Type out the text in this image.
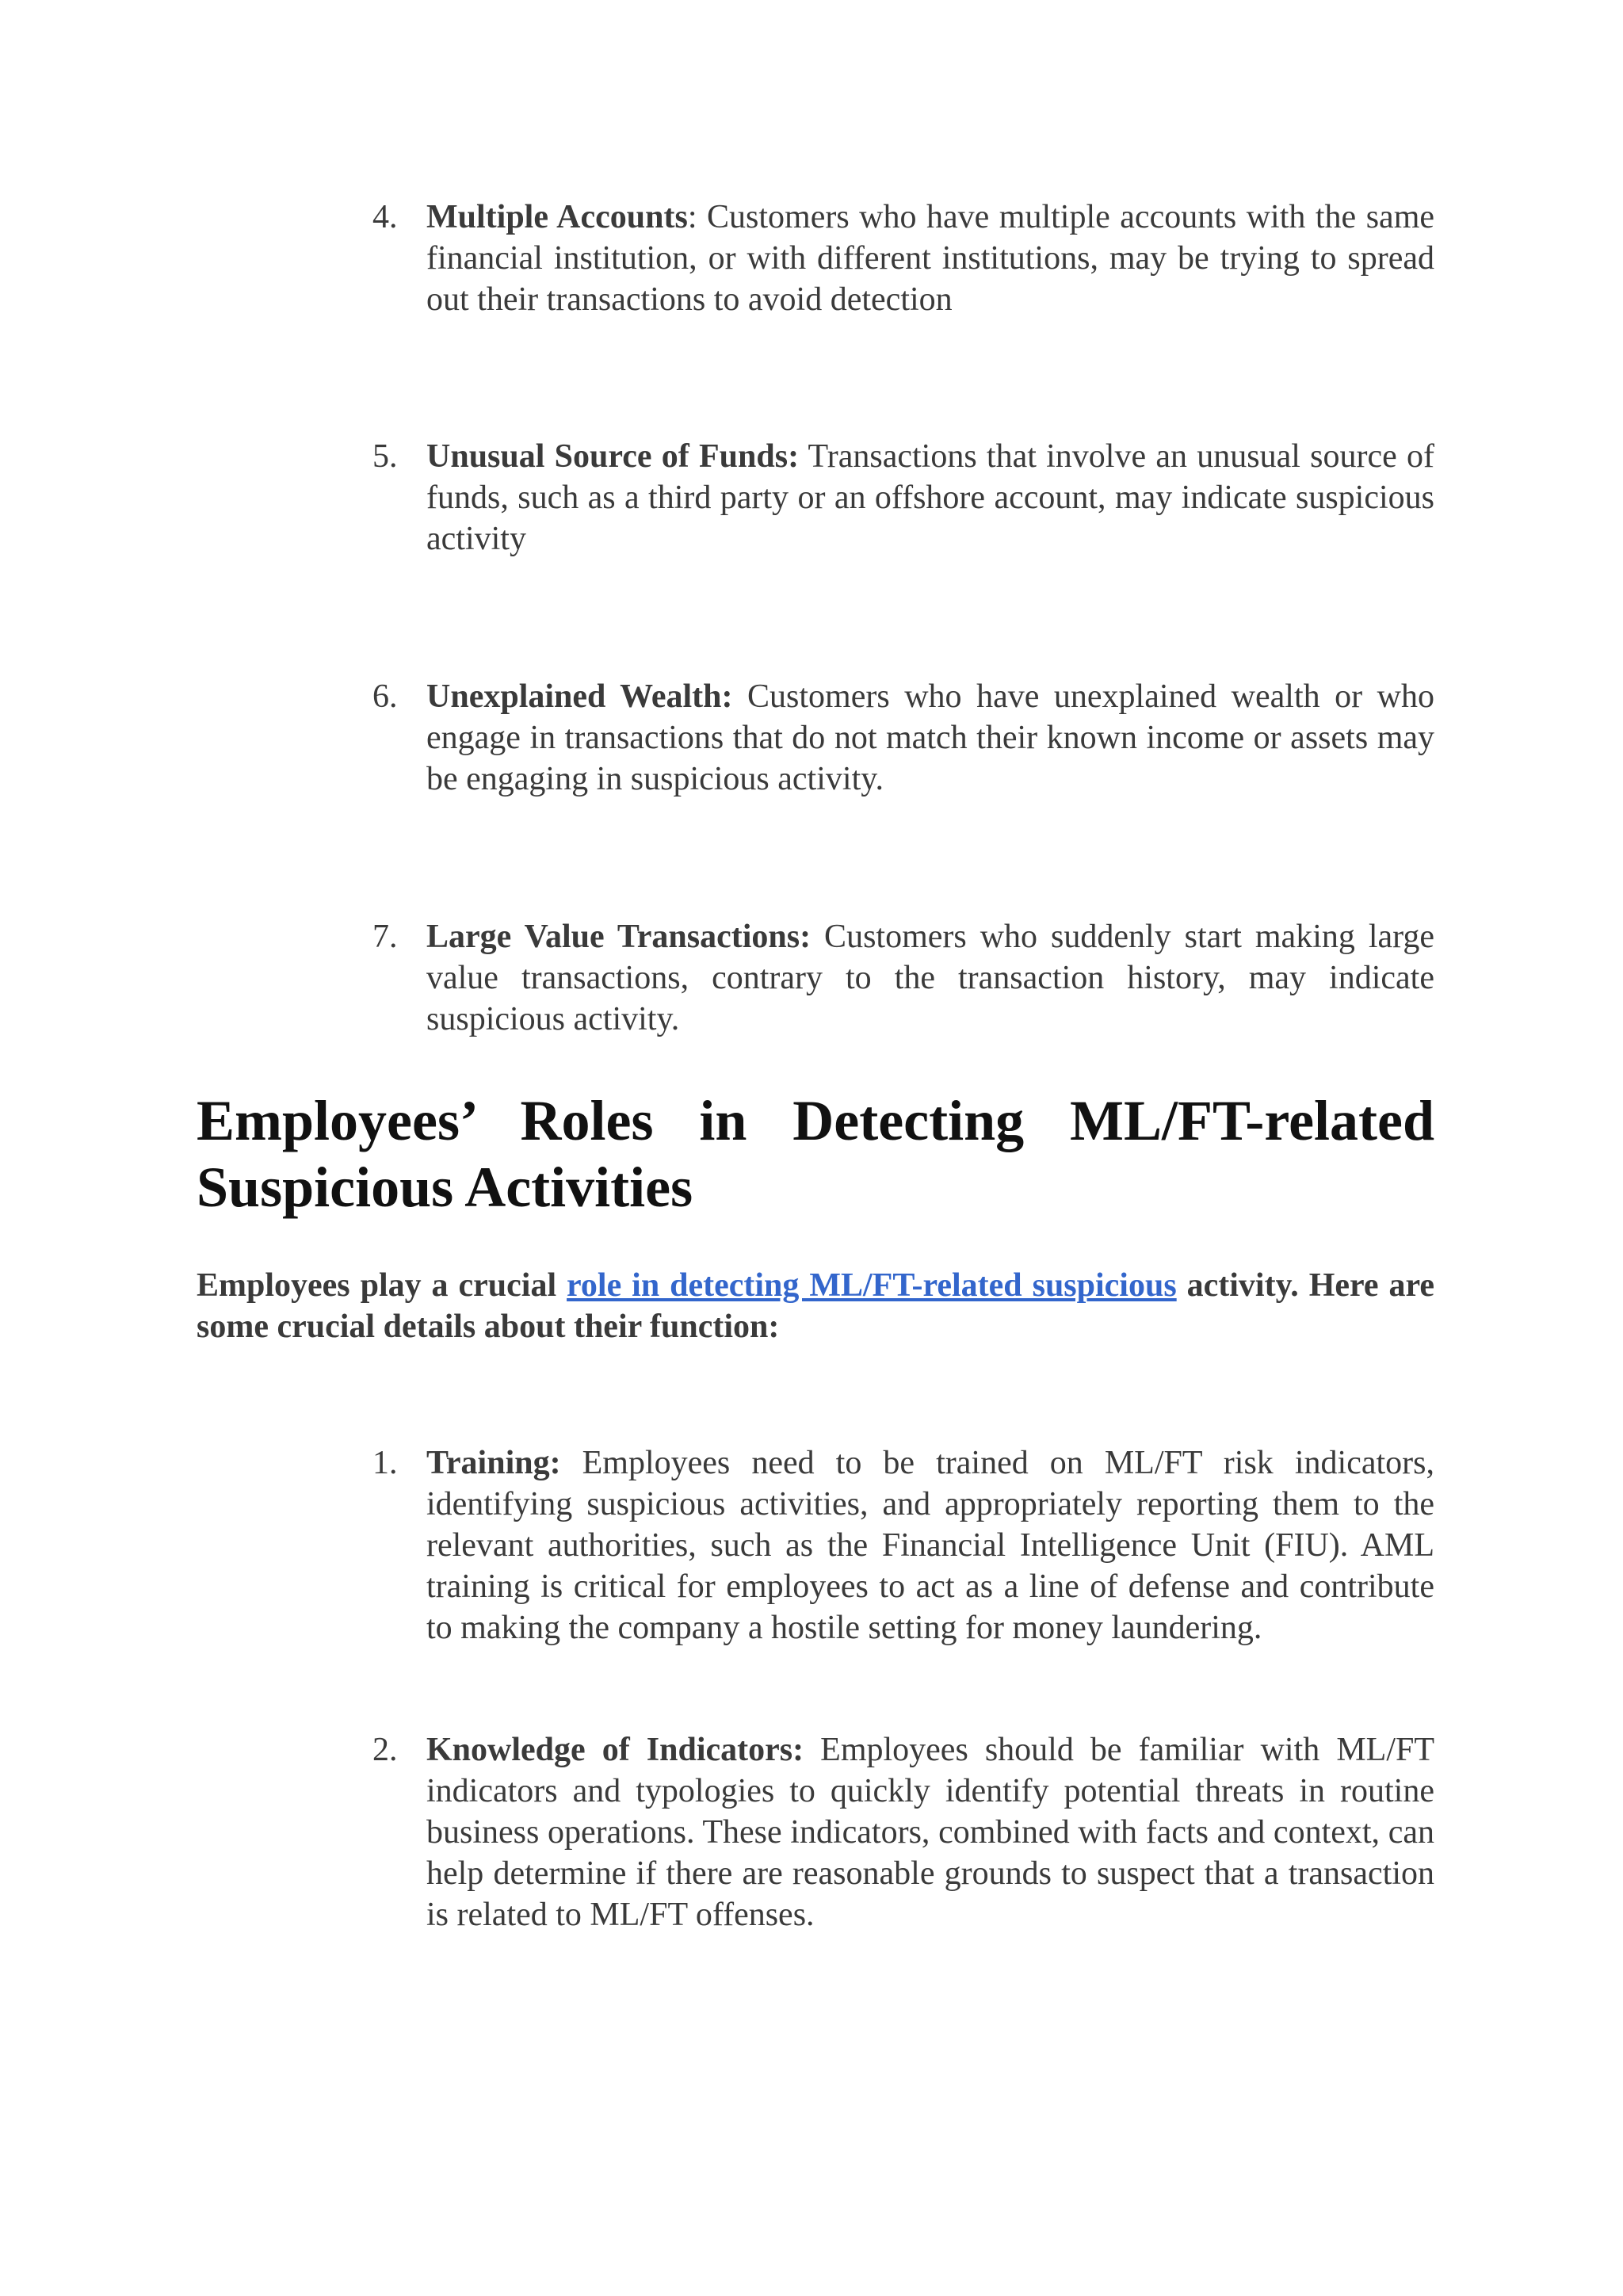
4. Multiple Accounts: Customers who have multiple accounts with the same financial institution, or with different institutions, may be trying to spread out their transactions to avoid detection
5. Unusual Source of Funds: Transactions that involve an unusual source of funds, such as a third party or an offshore account, may indicate suspicious activity
6. Unexplained Wealth: Customers who have unexplained wealth or who engage in transactions that do not match their known income or assets may be engaging in suspicious activity.
7. Large Value Transactions: Customers who suddenly start making large value transactions, contrary to the transaction history, may indicate suspicious activity.
Employees’ Roles in Detecting ML/FT-related
Suspicious Activities

Employees play a crucial role in detecting ML/FT-related suspicious activity. Here are some crucial details about their function:

1. Training: Employees need to be trained on ML/FT risk indicators, identifying suspicious activities, and appropriately reporting them to the relevant authorities, such as the Financial Intelligence Unit (FIU). AML training is critical for employees to act as a line of defense and contribute to making the company a hostile setting for money laundering.
2. Knowledge of Indicators: Employees should be familiar with ML/FT indicators and typologies to quickly identify potential threats in routine business operations. These indicators, combined with facts and context, can help determine if there are reasonable grounds to suspect that a transaction is related to ML/FT offenses.
